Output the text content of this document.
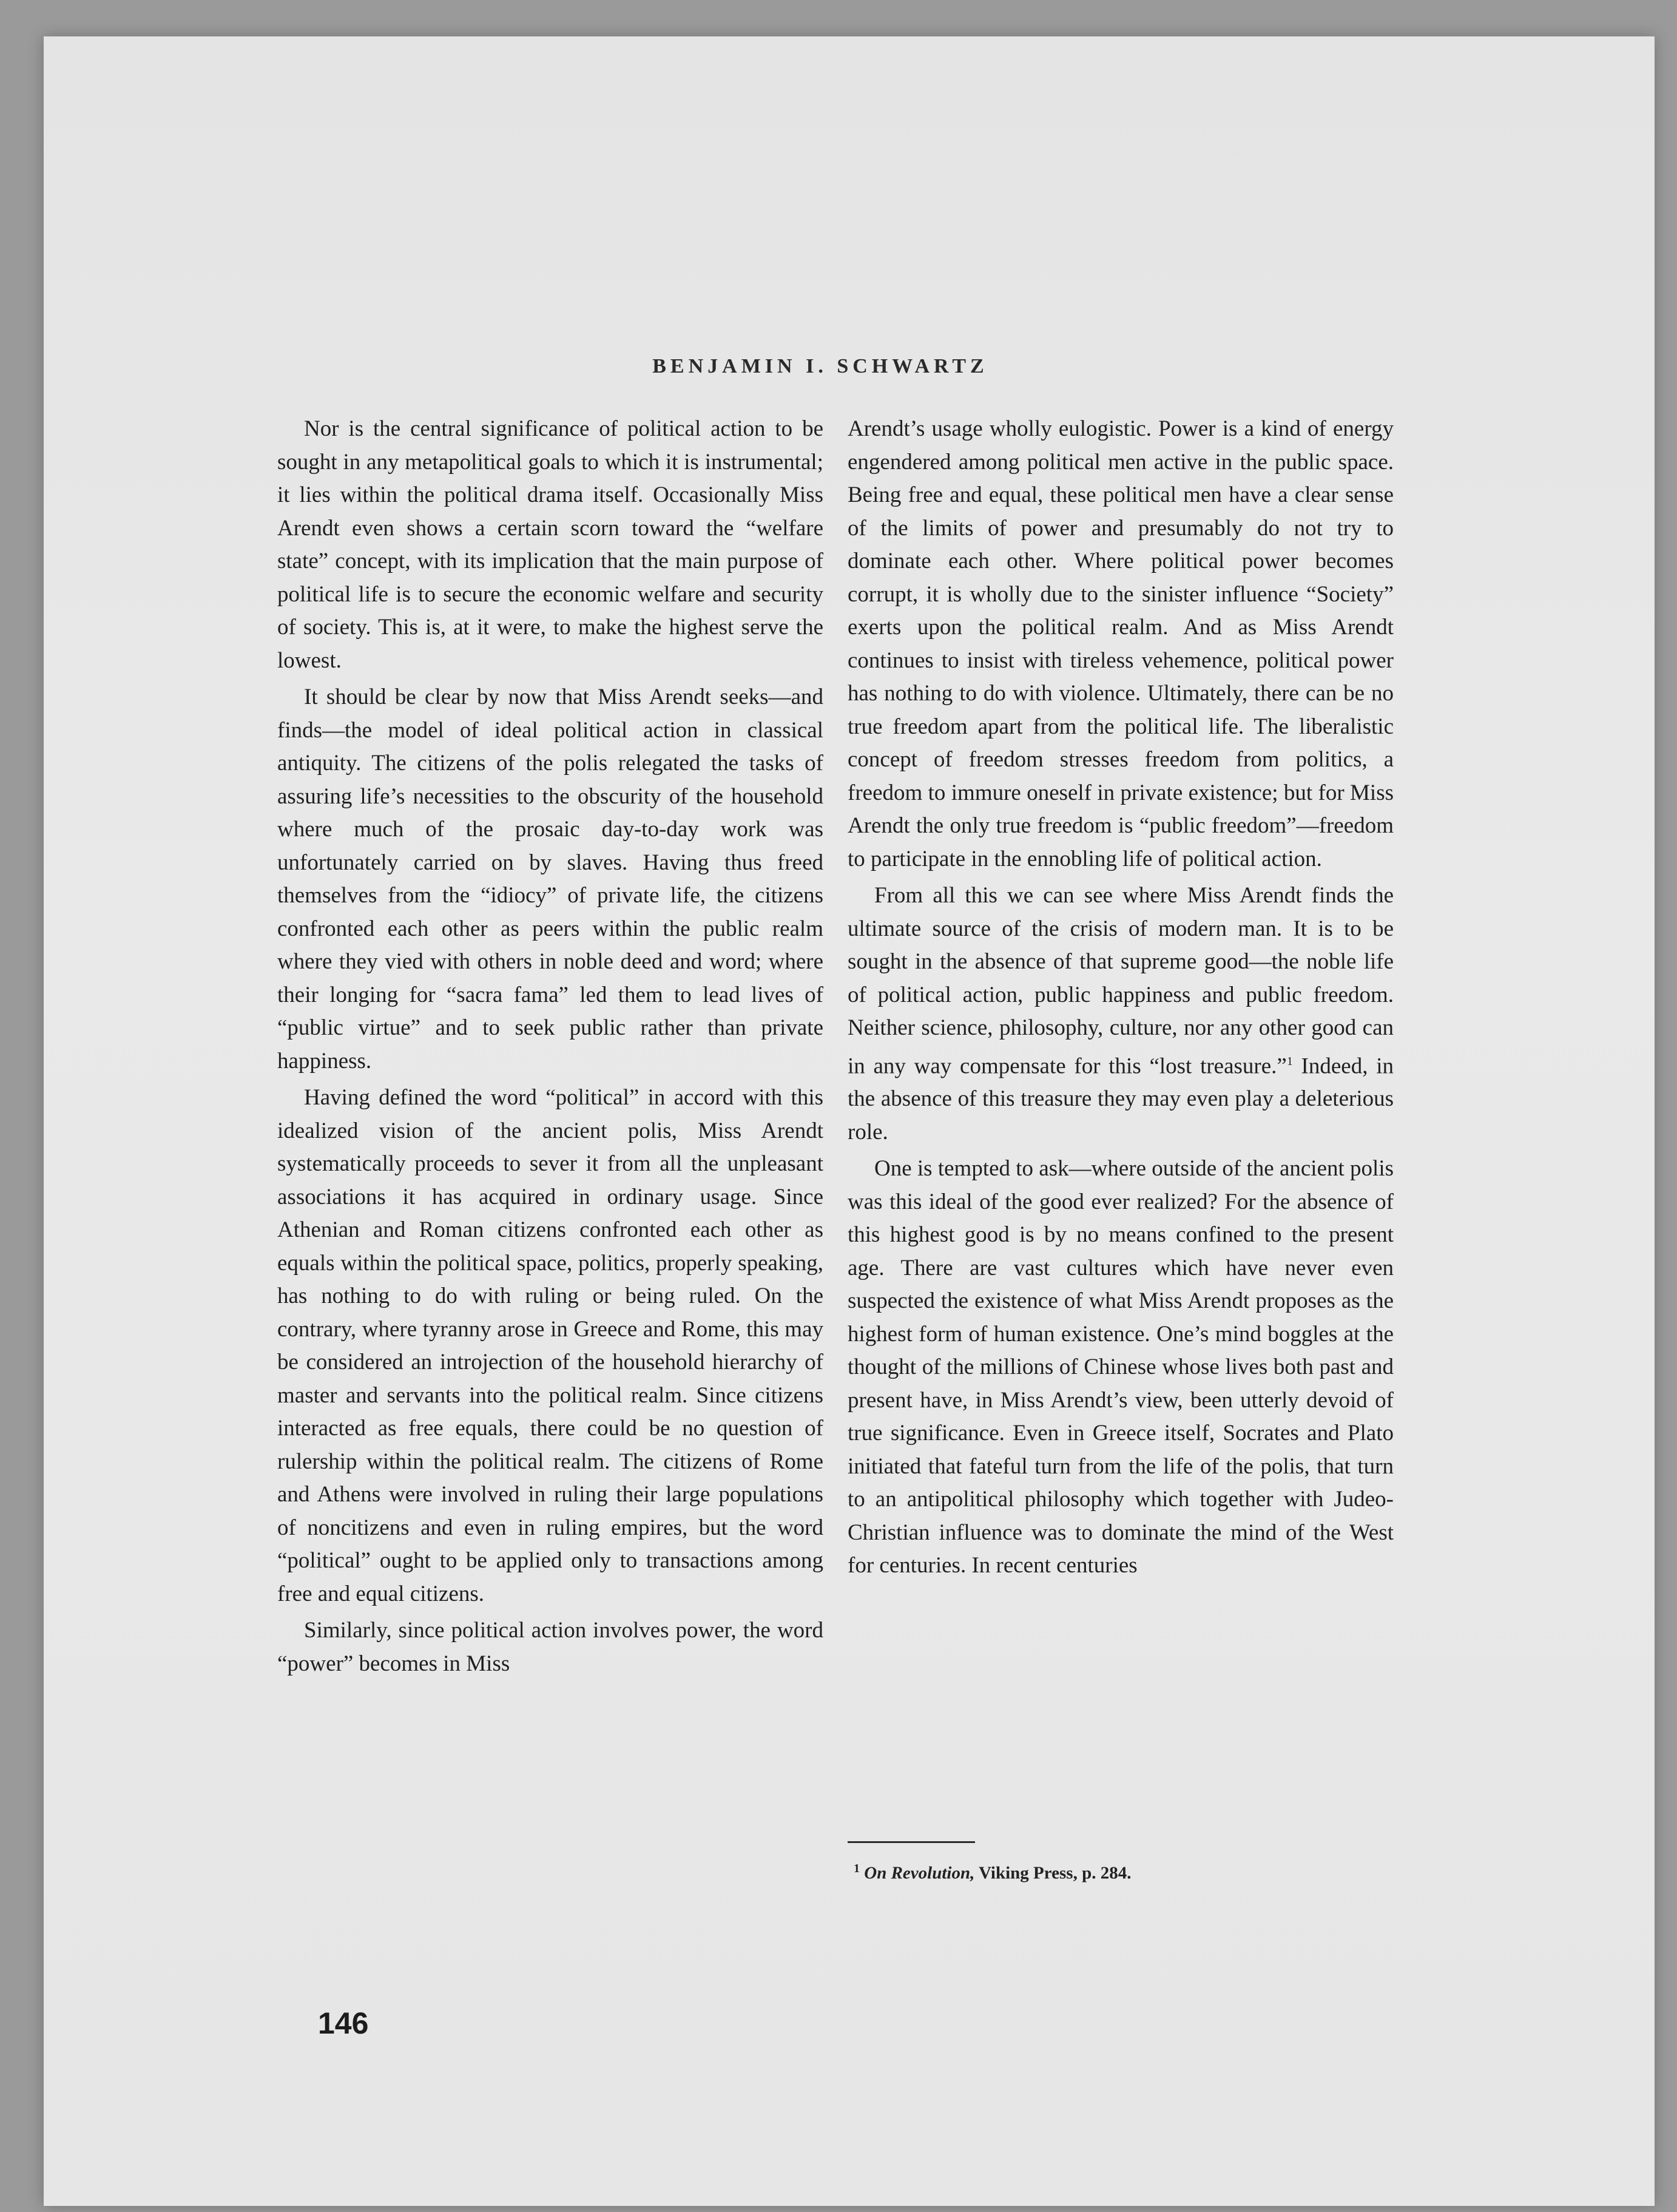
BENJAMIN I. SCHWARTZ

Nor is the central significance of political action to be sought in any metapolitical goals to which it is instrumental; it lies within the political drama itself. Occasionally Miss Arendt even shows a certain scorn toward the “welfare state” concept, with its implication that the main purpose of political life is to secure the economic welfare and security of society. This is, at it were, to make the highest serve the lowest.

It should be clear by now that Miss Arendt seeks—and finds—the model of ideal political action in classical antiquity. The citizens of the polis relegated the tasks of assuring life’s necessities to the obscurity of the household where much of the prosaic day-to-day work was unfortunately carried on by slaves. Having thus freed themselves from the “idiocy” of private life, the citizens confronted each other as peers within the public realm where they vied with others in noble deed and word; where their longing for “sacra fama” led them to lead lives of “public virtue” and to seek public rather than private happiness.

Having defined the word “political” in accord with this idealized vision of the ancient polis, Miss Arendt systematically proceeds to sever it from all the unpleasant associations it has acquired in ordinary usage. Since Athenian and Roman citizens confronted each other as equals within the political space, politics, properly speaking, has nothing to do with ruling or being ruled. On the contrary, where tyranny arose in Greece and Rome, this may be considered an introjection of the household hierarchy of master and servants into the political realm. Since citizens interacted as free equals, there could be no question of rulership within the political realm. The citizens of Rome and Athens were involved in ruling their large populations of noncitizens and even in ruling empires, but the word “political” ought to be applied only to transactions among free and equal citizens.

Similarly, since political action involves power, the word “power” becomes in Miss

Arendt’s usage wholly eulogistic. Power is a kind of energy engendered among political men active in the public space. Being free and equal, these political men have a clear sense of the limits of power and presumably do not try to dominate each other. Where political power becomes corrupt, it is wholly due to the sinister influence “Society” exerts upon the political realm. And as Miss Arendt continues to insist with tireless vehemence, political power has nothing to do with violence. Ultimately, there can be no true freedom apart from the political life. The liberalistic concept of freedom stresses freedom from politics, a freedom to immure oneself in private existence; but for Miss Arendt the only true freedom is “public freedom”—freedom to participate in the ennobling life of political action.

From all this we can see where Miss Arendt finds the ultimate source of the crisis of modern man. It is to be sought in the absence of that supreme good—the noble life of political action, public happiness and public freedom. Neither science, philosophy, culture, nor any other good can in any way compensate for this “lost treasure.”$^1$ Indeed, in the absence of this treasure they may even play a deleterious role.

One is tempted to ask—where outside of the ancient polis was this ideal of the good ever realized? For the absence of this highest good is by no means confined to the present age. There are vast cultures which have never even suspected the existence of what Miss Arendt proposes as the highest form of human existence. One’s mind boggles at the thought of the millions of Chinese whose lives both past and present have, in Miss Arendt’s view, been utterly devoid of true significance. Even in Greece itself, Socrates and Plato initiated that fateful turn from the life of the polis, that turn to an antipolitical philosophy which together with Judeo-Christian influence was to dominate the mind of the West for centuries. In recent centuries

$^1$ On Revolution, Viking Press, p. 284.
146
